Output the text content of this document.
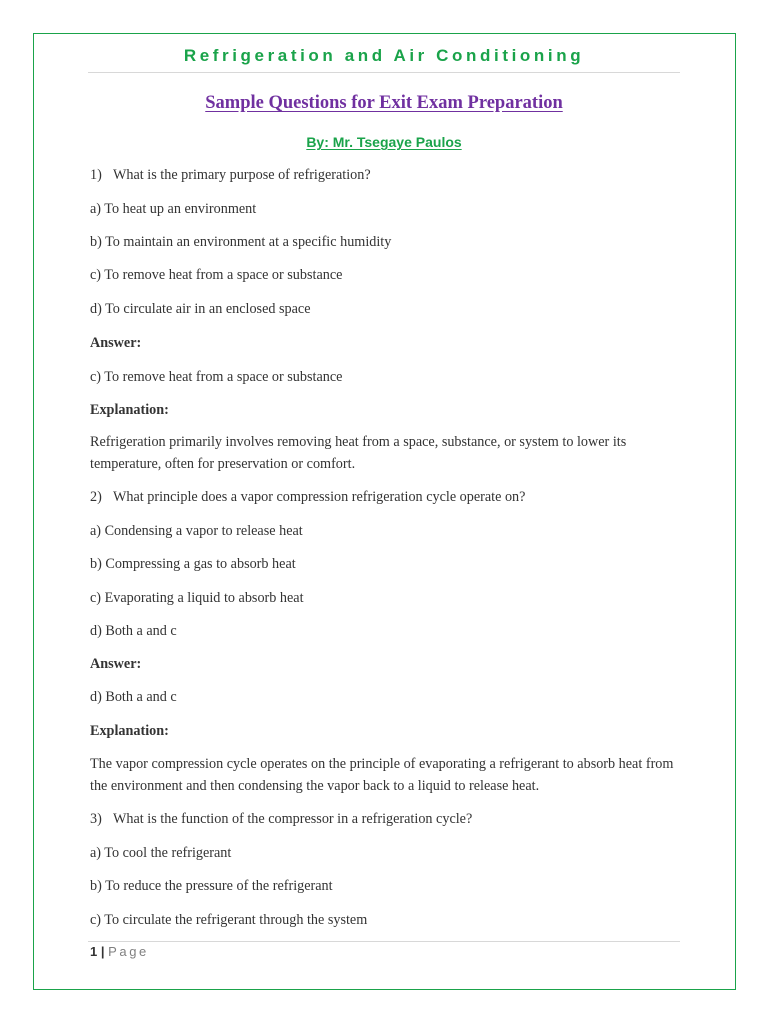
Refrigeration and Air Conditioning
Sample Questions for Exit Exam Preparation
By: Mr. Tsegaye Paulos
1) What is the primary purpose of refrigeration?
a) To heat up an environment
b) To maintain an environment at a specific humidity
c) To remove heat from a space or substance
d) To circulate air in an enclosed space
Answer:
c) To remove heat from a space or substance
Explanation:
Refrigeration primarily involves removing heat from a space, substance, or system to lower its temperature, often for preservation or comfort.
2) What principle does a vapor compression refrigeration cycle operate on?
a) Condensing a vapor to release heat
b) Compressing a gas to absorb heat
c) Evaporating a liquid to absorb heat
d) Both a and c
Answer:
d) Both a and c
Explanation:
The vapor compression cycle operates on the principle of evaporating a refrigerant to absorb heat from the environment and then condensing the vapor back to a liquid to release heat.
3) What is the function of the compressor in a refrigeration cycle?
a) To cool the refrigerant
b) To reduce the pressure of the refrigerant
c) To circulate the refrigerant through the system
1 | Page
